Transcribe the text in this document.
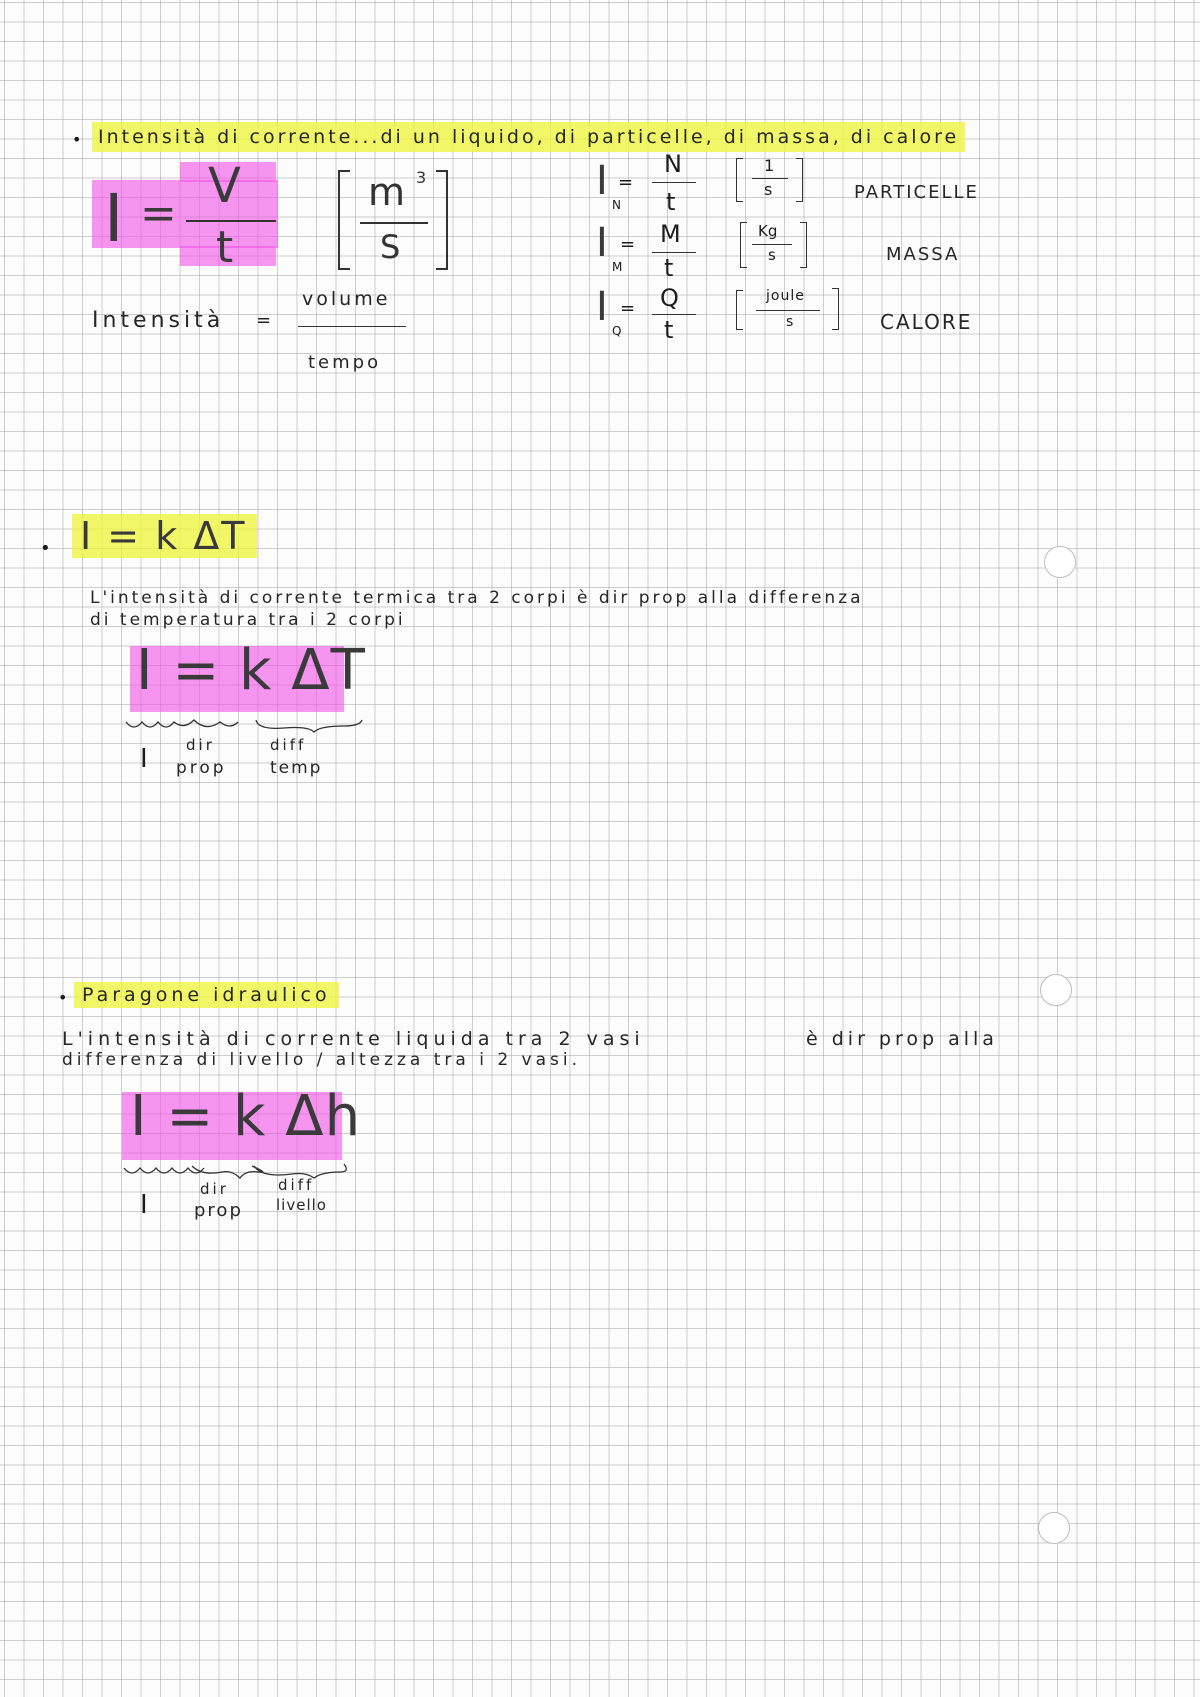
• Intensità di corrente...di un liquido, di particelle, di massa, di calore
I = V
t
m 3
S
Intensità =
volume
tempo
I
N
=
N
t
1
s	PARTICELLE
I
M
= M
t
Kg
s	MASSA
I
Q
= Q
t
joule
s	CALORE
• I = k ΔT
L'intensità di corrente termica tra 2 corpi è dir prop alla differenza
di temperatura tra i 2 corpi
I = k ΔT
I	dir
prop
diff
temp
• Paragone idraulico
L'intensità di corrente liquida tra 2 vasi	è dir prop alla
differenza di livello / altezza tra i 2 vasi.
I = k Δh
I
dir
prop
diff
livello
